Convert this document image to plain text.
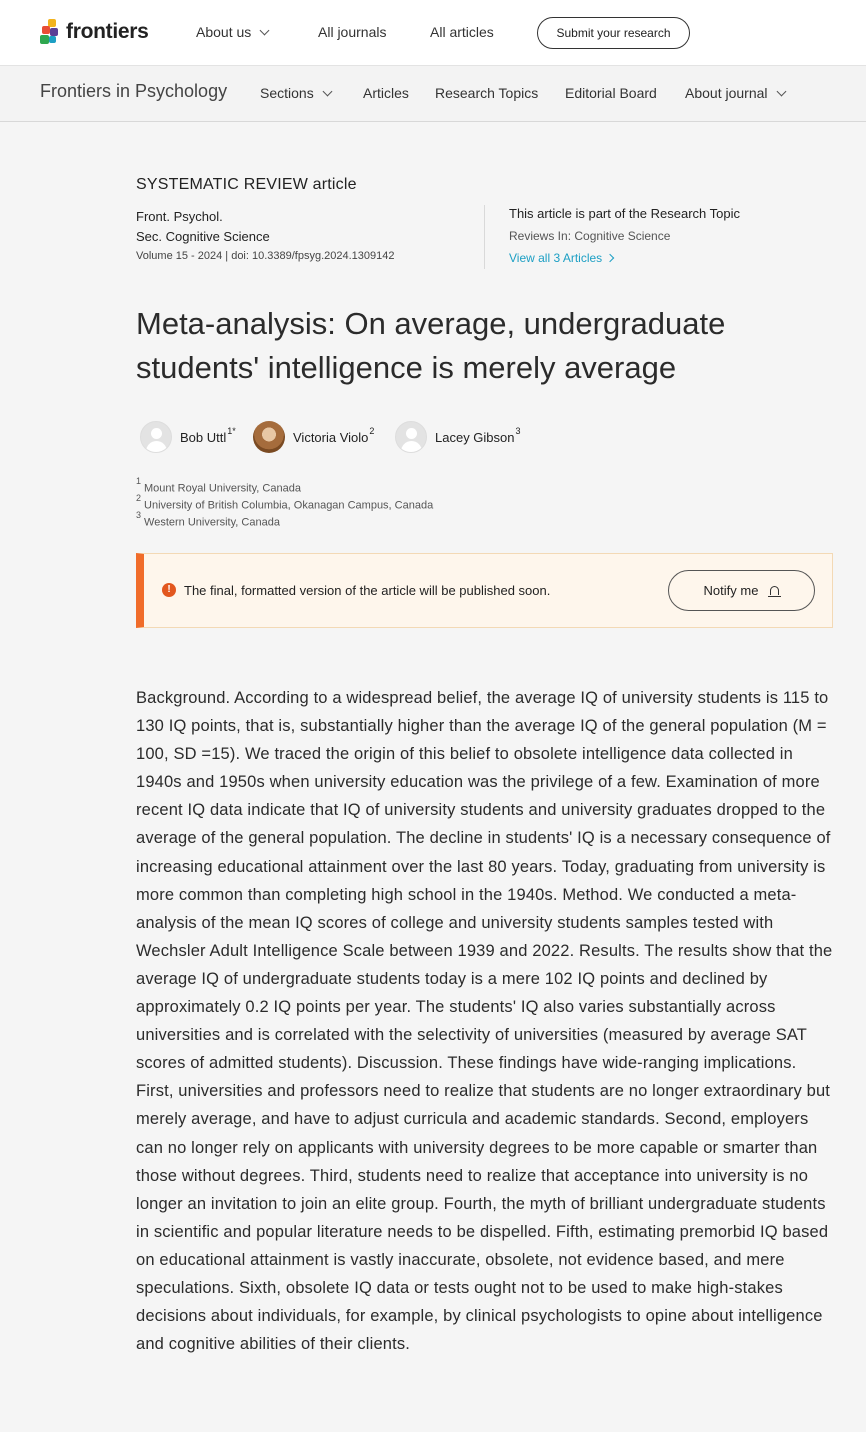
frontiers	About us	All journals	All articles	Submit your research
Frontiers in Psychology Sections	Articles Research Topics Editorial Board About journal
SYSTEMATIC REVIEW article
Front. Psychol.
Sec. Cognitive Science
Volume 15 - 2024 | doi: 10.3389/fpsyg.2024.1309142
This article is part of the Research Topic
Reviews In: Cognitive Science
View all 3 Articles
Meta-analysis: On average, undergraduate students' intelligence is merely average
Bob Uttl$^{1*}$	Victoria Violo$^2$	Lacey Gibson$^3$
$^1$Mount Royal University, Canada
$^2$University of British Columbia, Okanagan Campus, Canada
$^3$Western University, Canada
!	The final, formatted version of the article will be published soon.	Notify me

Background. According to a widespread belief, the average IQ of university students is 115 to 130 IQ points, that is, substantially higher than the average IQ of the general population (M = 100, SD =15). We traced the origin of this belief to obsolete intelligence data collected in 1940s and 1950s when university education was the privilege of a few. Examination of more recent IQ data indicate that IQ of university students and university graduates dropped to the average of the general population. The decline in students' IQ is a necessary consequence of increasing educational attainment over the last 80 years. Today, graduating from university is more common than completing high school in the 1940s. Method. We conducted a meta-analysis of the mean IQ scores of college and university students samples tested with Wechsler Adult Intelligence Scale between 1939 and 2022. Results. The results show that the average IQ of undergraduate students today is a mere 102 IQ points and declined by approximately 0.2 IQ points per year. The students' IQ also varies substantially across universities and is correlated with the selectivity of universities (measured by average SAT scores of admitted students). Discussion. These findings have wide-ranging implications. First, universities and professors need to realize that students are no longer extraordinary but merely average, and have to adjust curricula and academic standards. Second, employers can no longer rely on applicants with university degrees to be more capable or smarter than those without degrees. Third, students need to realize that acceptance into university is no longer an invitation to join an elite group. Fourth, the myth of brilliant undergraduate students in scientific and popular literature needs to be dispelled. Fifth, estimating premorbid IQ based on educational attainment is vastly inaccurate, obsolete, not evidence based, and mere speculations. Sixth, obsolete IQ data or tests ought not to be used to make high-stakes decisions about individuals, for example, by clinical psychologists to opine about intelligence and cognitive abilities of their clients.
